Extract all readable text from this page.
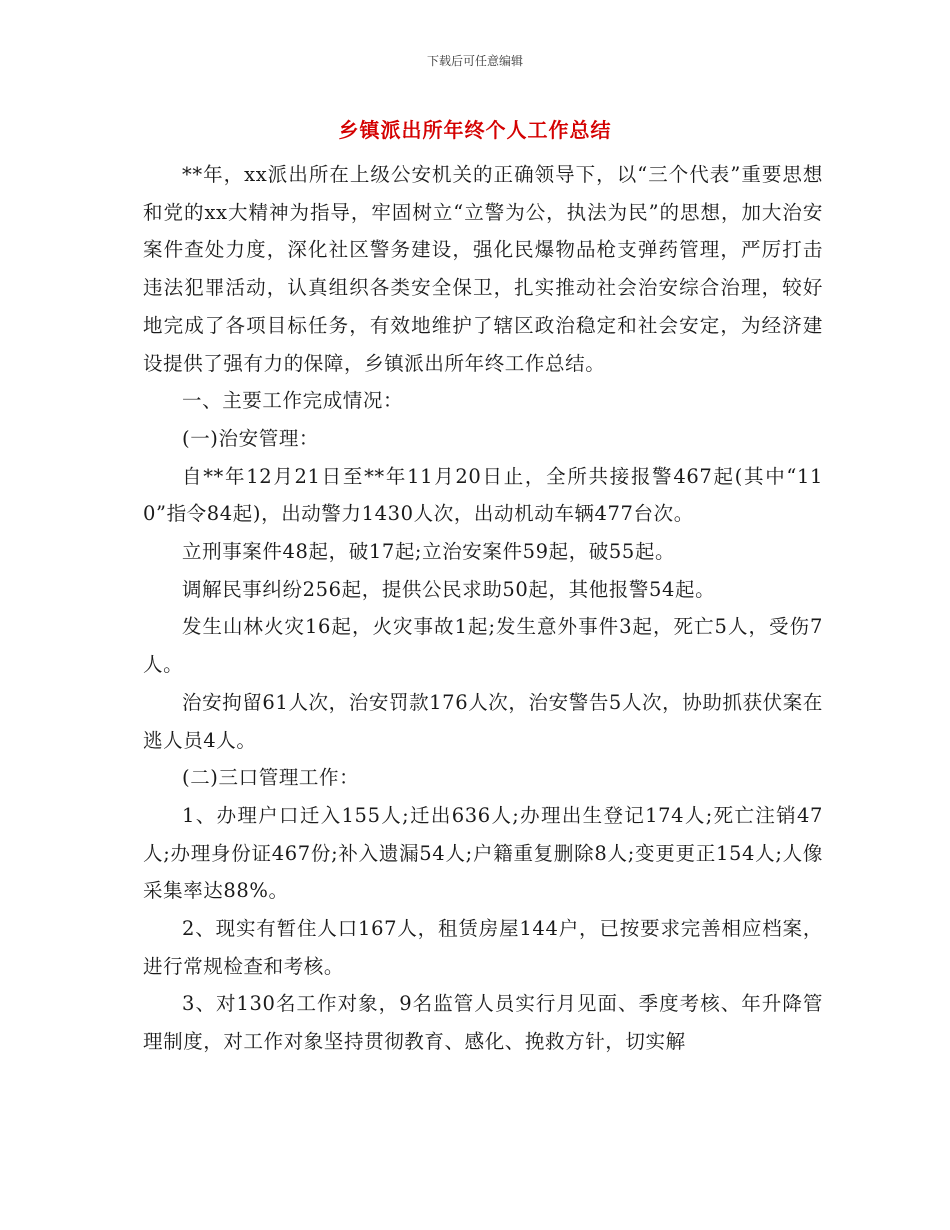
下载后可任意编辑
乡镇派出所年终个人工作总结

**年，xx派出所在上级公安机关的正确领导下，以“三个代表”重要思想和党的xx大精神为指导，牢固树立“立警为公，执法为民”的思想，加大治安案件查处力度，深化社区警务建设，强化民爆物品枪支弹药管理，严厉打击违法犯罪活动，认真组织各类安全保卫，扎实推动社会治安综合治理，较好地完成了各项目标任务，有效地维护了辖区政治稳定和社会安定，为经济建设提供了强有力的保障，乡镇派出所年终工作总结。

一、主要工作完成情况：

(一)治安管理：

自**年12月21日至**年11月20日止，全所共接报警467起(其中“110”指令84起)，出动警力1430人次，出动机动车辆477台次。

立刑事案件48起，破17起;立治安案件59起，破55起。

调解民事纠纷256起，提供公民求助50起，其他报警54起。

发生山林火灾16起，火灾事故1起;发生意外事件3起，死亡5人，受伤7人。

治安拘留61人次，治安罚款176人次，治安警告5人次，协助抓获伏案在逃人员4人。

(二)三口管理工作：

1、办理户口迁入155人;迁出636人;办理出生登记174人;死亡注销47人;办理身份证467份;补入遗漏54人;户籍重复删除8人;变更更正154人;人像采集率达88%。

2、现实有暂住人口167人，租赁房屋144户，已按要求完善相应档案，进行常规检查和考核。

3、对130名工作对象，9名监管人员实行月见面、季度考核、年升降管理制度，对工作对象坚持贯彻教育、感化、挽救方针，切实解
